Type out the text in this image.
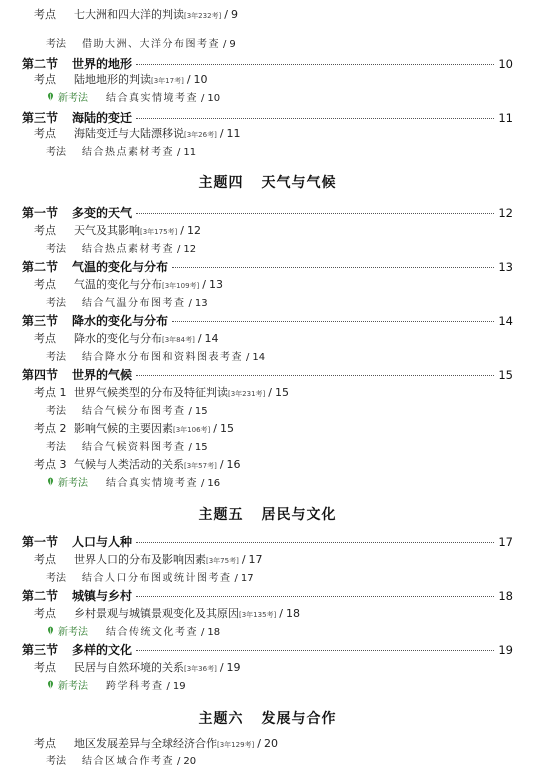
考点	七大洲和四大洋的判读 [3年232考] / 9
考法	借助大洲、大洋分布图考查 / 9
第二节 世界的地形	10
考点	陆地地形的判读 [3年17考] / 10
新考法 结合真实情境考查 / 10
第三节 海陆的变迁	11
考点	海陆变迁与大陆漂移说 [3年26考] / 11
考法	结合热点素材考查 / 11
主题四 天气与气候
第一节 多变的天气	12
考点	天气及其影响 [3年175考] / 12
考法	结合热点素材考查 / 12
第二节 气温的变化与分布	13
考点	气温的变化与分布 [3年109考] / 13
考法	结合气温分布图考查 / 13
第三节 降水的变化与分布	14
考点	降水的变化与分布 [3年84考] / 14
考法	结合降水分布图和资料图表考查 / 14
第四节 世界的气候	15
考点 1 世界气候类型的分布及特征判读 [3年231考] / 15
考法	结合气候分布图考查 / 15
考点 2 影响气候的主要因素 [3年106考] / 15
考法	结合气候资料图考查 / 15
考点 3 气候与人类活动的关系 [3年57考] / 16
新考法 结合真实情境考查 / 16
主题五 居民与文化
第一节 人口与人种	17
考点	世界人口的分布及影响因素 [3年75考] / 17
考法	结合人口分布图或统计图考查 / 17
第二节 城镇与乡村	18
考点	乡村景观与城镇景观变化及其原因 [3年135考] / 18
新考法 结合传统文化考查 / 18
第三节 多样的文化	19
考点	民居与自然环境的关系 [3年36考] / 19
新考法 跨学科考查 / 19
主题六 发展与合作
考点	地区发展差异与全球经济合作 [3年129考] / 20
考法	结合区域合作考查 / 20
